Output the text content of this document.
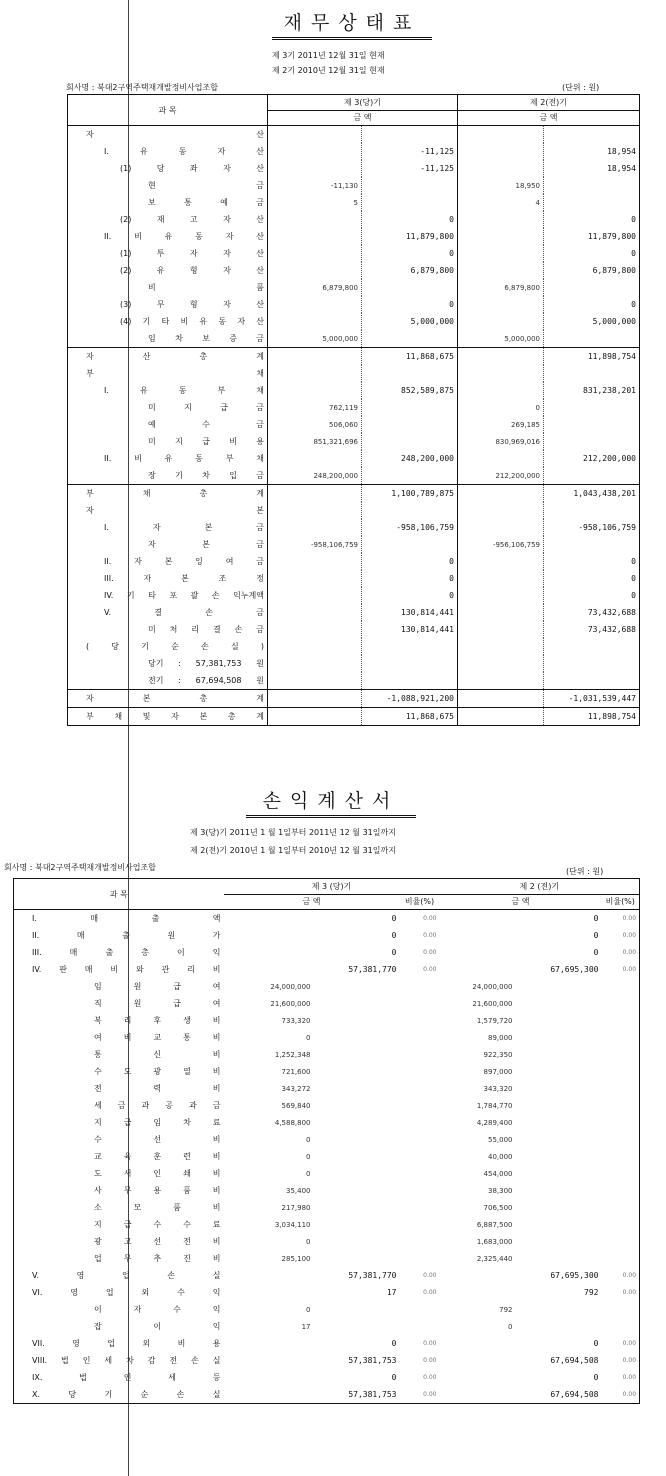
재무상태표
제 3기 2011년 12월 31일 현재
제 2기 2010년 12월 31일 현재
회사명 : 북대2구역주택재개발정비사업조합	(단위 : 원)
과 목	제 3(당)기		제 2(전)기	
	금 액		금 액	
자 산				
I. 유 동 자 산		-11,125		18,954
(1) 당 좌 자 산		-11,125		18,954
현 금	-11,130		18,950	
보 통 예 금	5		4	
(2) 재 고 자 산		0		0
II. 비 유 동 자 산		11,879,800		11,879,800
(1) 투 자 자 산		0		0
(2) 유 형 자 산		6,879,800		6,879,800
비 품	6,879,800		6,879,800	
(3) 무 형 자 산		0		0
(4) 기 타 비 유 동 자 산		5,000,000		5,000,000
임 차 보 증 금	5,000,000		5,000,000	
자 산 총 계		11,868,675		11,898,754
부 채				
I. 유 동 부 채		852,589,875		831,238,201
미 지 급 금	762,119		0	
예 수 금	506,060		269,185	
미 지 급 비 용	851,321,696		830,969,016	
II. 비 유 동 부 채		248,200,000		212,200,000
장 기 차 입 금	248,200,000		212,200,000	
부 채 총 계		1,100,789,875		1,043,438,201
자 본				
I. 자 본 금		-958,106,759		-958,106,759
자 본 금	-958,106,759		-956,106,759	
II. 자 본 잉 여 금		0		0
III. 자 본 조 정		0		0
IV. 기 타 포 괄 손 익누계액		0		0
V. 결 손 금		130,814,441		73,432,688
미 처 리 결 손 금		130,814,441		73,432,688
( 당 기 순 손 실 )				
당기 : 57,381,753 원				
전기 : 67,694,508 원				
자 본 총 계		-1,088,921,200		-1,031,539,447
부 채 및 자 본 총 계		11,868,675		11,898,754
손익계산서
제 3(당)기 2011년 1 월 1일부터 2011년 12 월 31일까지
제 2(전)기 2010년 1 월 1일부터 2010년 12 월 31일까지
회사명 : 북대2구역주택재개발정비사업조합	(단위 : 원)
과 목	제 3 (당)기			제 2 (전)기		
	금 액		비율(%)	금 액		비율(%)
I. 매 출 액		0	0.00		0	0.00
II. 매 출 원 가		0	0.00		0	0.00
III. 매 출 총 이 익		0	0.00		0	0.00
IV. 판 매 비 와 관 리 비		57,381,770	0.00		67,695,300	0.00
임 원 급 여	24,000,000			24,000,000		
직 원 급 여	21,600,000			21,600,000		
복 리 후 생 비	733,320			1,579,720		
여 비 교 통 비	0			89,000		
통 신 비	1,252,348			922,350		
수 도 광 열 비	721,600			897,000		
전 력 비	343,272			343,320		
세 금 과 공 과 금	569,840			1,784,770		
지 급 임 차 료	4,588,800			4,289,400		
수 선 비	0			55,000		
교 육 훈 련 비	0			40,000		
도 서 인 쇄 비	0			454,000		
사 무 용 품 비	35,400			38,300		
소 모 품 비	217,980			706,500		
지 급 수 수 료	3,034,110			6,887,500		
광 고 선 전 비	0			1,683,000		
업 무 추 진 비	285,100			2,325,440		
V. 영 업 손 실		57,381,770	0.00		67,695,300	0.00
VI. 영 업 외 수 익		17	0.00		792	0.00
이 자 수 익	0			792		
잡 이 익	17			0		
VII. 영 업 외 비 용		0	0.00		0	0.00
VIII. 법 인 세 차 감 전 손 실		57,381,753	0.00		67,694,508	0.00
IX. 법 인 세 등		0	0.00		0	0.00
X. 당 기 순 손 실		57,381,753	0.00		67,694,508	0.00
